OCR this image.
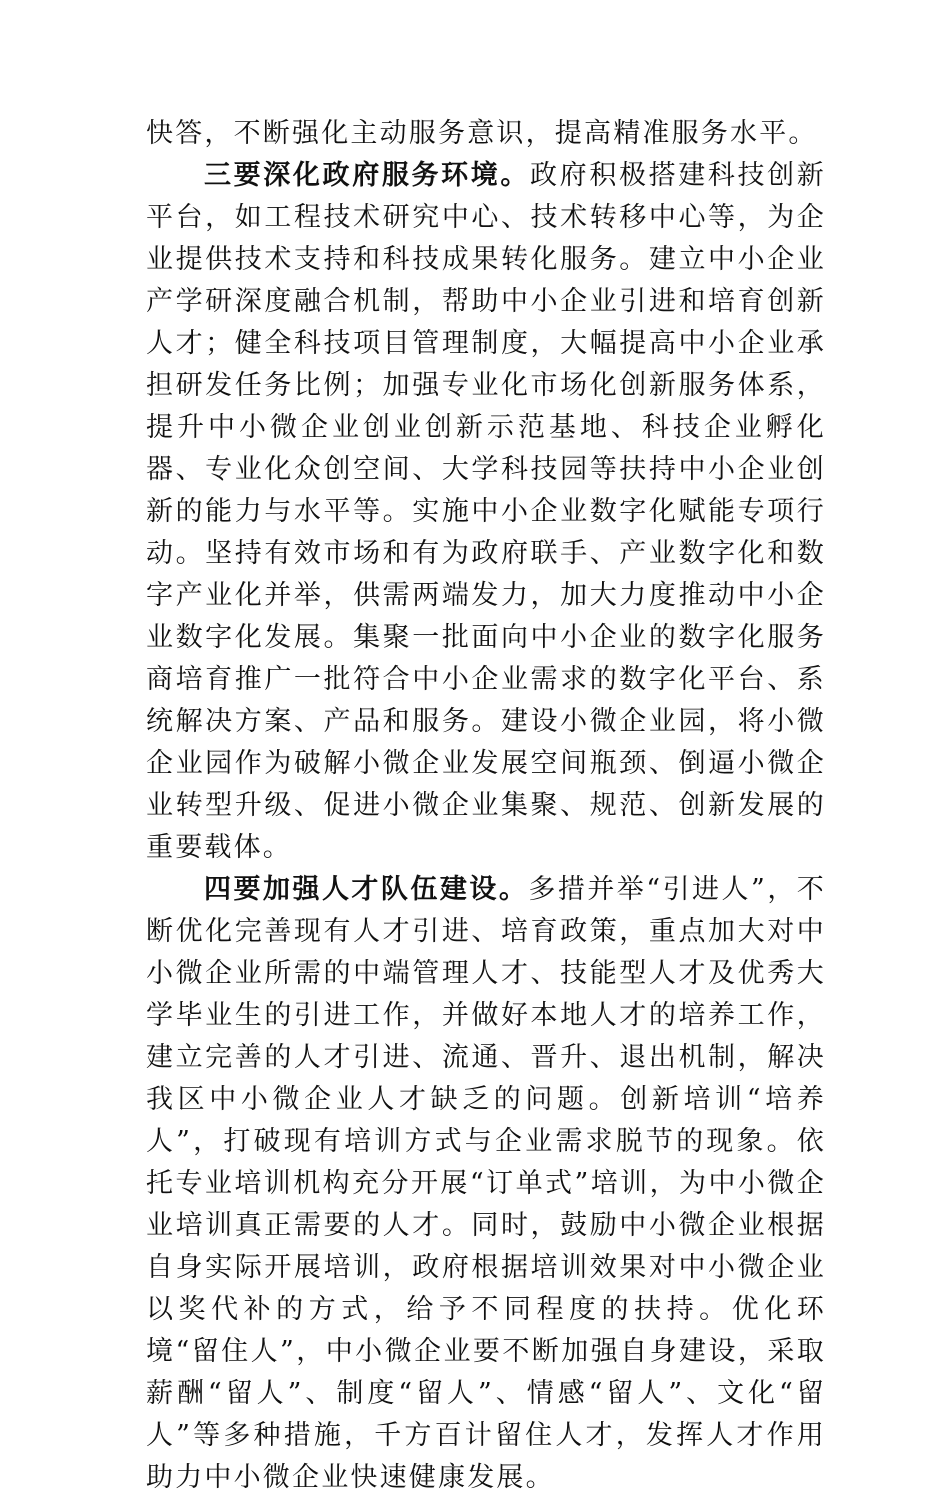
快答，不断强化主动服务意识，提高精准服务水平。

三要深化政府服务环境。政府积极搭建科技创新平台，如工程技术研究中心、技术转移中心等，为企业提供技术支持和科技成果转化服务。建立中小企业产学研深度融合机制，帮助中小企业引进和培育创新人才；健全科技项目管理制度，大幅提高中小企业承担研发任务比例；加强专业化市场化创新服务体系，提升中小微企业创业创新示范基地、科技企业孵化器、专业化众创空间、大学科技园等扶持中小企业创新的能力与水平等。实施中小企业数字化赋能专项行动。坚持有效市场和有为政府联手、产业数字化和数字产业化并举，供需两端发力，加大力度推动中小企业数字化发展。集聚一批面向中小企业的数字化服务商培育推广一批符合中小企业需求的数字化平台、系统解决方案、产品和服务。建设小微企业园，将小微企业园作为破解小微企业发展空间瓶颈、倒逼小微企业转型升级、促进小微企业集聚、规范、创新发展的重要载体。

四要加强人才队伍建设。多措并举“引进人”，不断优化完善现有人才引进、培育政策，重点加大对中小微企业所需的中端管理人才、技能型人才及优秀大学毕业生的引进工作，并做好本地人才的培养工作，建立完善的人才引进、流通、晋升、退出机制，解决我区中小微企业人才缺乏的问题。创新培训“培养人”，打破现有培训方式与企业需求脱节的现象。依托专业培训机构充分开展“订单式”培训，为中小微企业培训真正需要的人才。同时，鼓励中小微企业根据自身实际开展培训，政府根据培训效果对中小微企业以奖代补的方式，给予不同程度的扶持。优化环境“留住人”，中小微企业要不断加强自身建设，采取薪酬“留人”、制度“留人”、情感“留人”、文化“留人”等多种措施，千方百计留住人才，发挥人才作用助力中小微企业快速健康发展。
